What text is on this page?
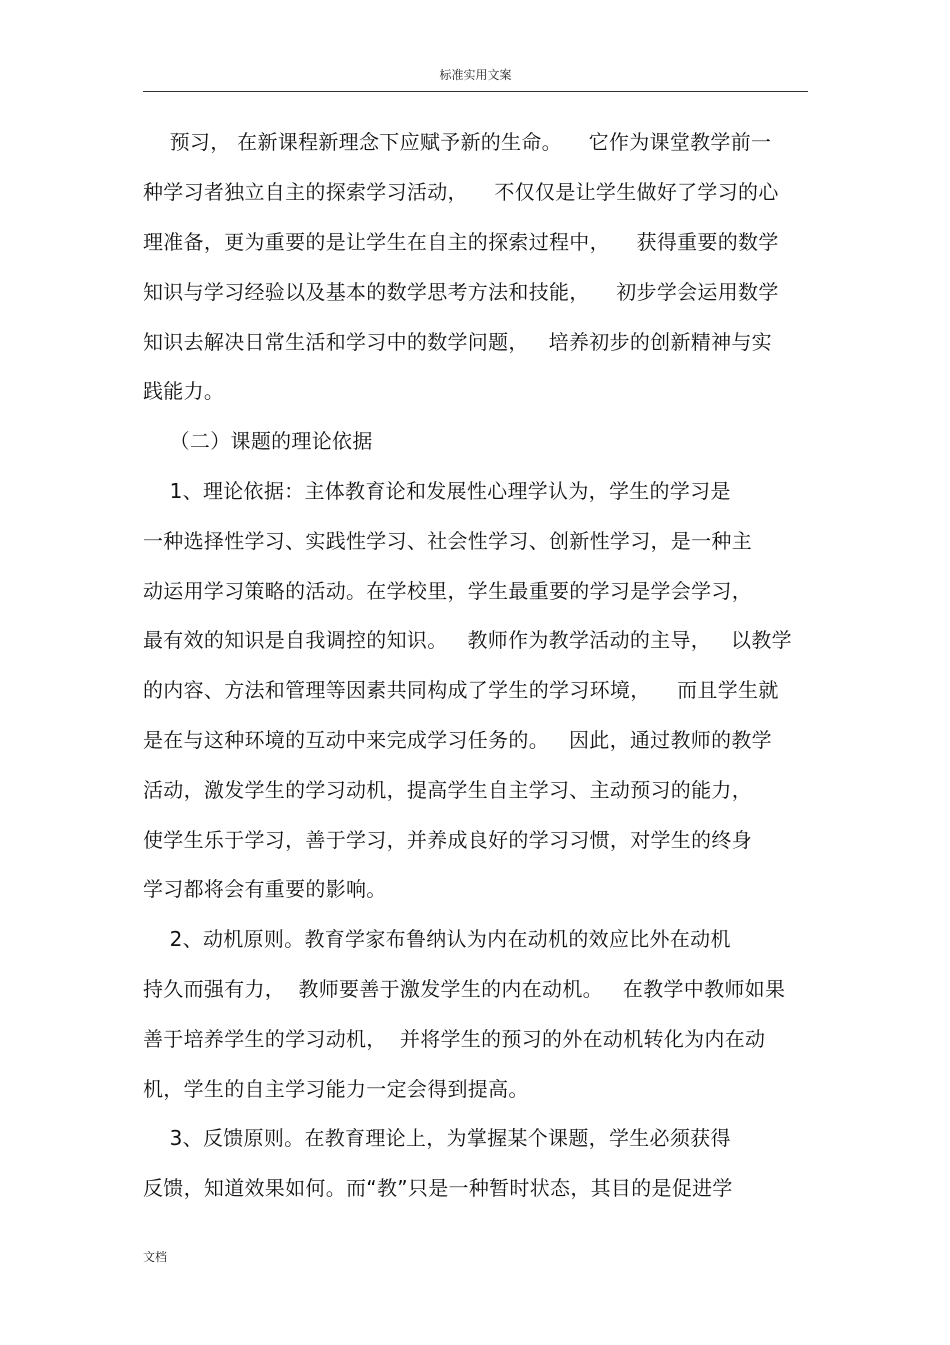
标准实用文案
预习， 在新课程新理念下应赋予新的生命。    它作为课堂教学前一
种学习者独立自主的探索学习活动，    不仅仅是让学生做好了学习的心
理准备，更为重要的是让学生在自主的探索过程中，    获得重要的数学
知识与学习经验以及基本的数学思考方法和技能，    初步学会运用数学
知识去解决日常生活和学习中的数学问题，   培养初步的创新精神与实
践能力。
（二）课题的理论依据
1、理论依据：主体教育论和发展性心理学认为，学生的学习是
一种选择性学习、实践性学习、社会性学习、创新性学习，是一种主
动运用学习策略的活动。在学校里，学生最重要的学习是学会学习，
最有效的知识是自我调控的知识。   教师作为教学活动的主导，   以教学
的内容、方法和管理等因素共同构成了学生的学习环境，    而且学生就
是在与这种环境的互动中来完成学习任务的。   因此，通过教师的教学
活动，激发学生的学习动机，提高学生自主学习、主动预习的能力，
使学生乐于学习，善于学习，并养成良好的学习习惯，对学生的终身
学习都将会有重要的影响。
2、动机原则。教育学家布鲁纳认为内在动机的效应比外在动机
持久而强有力，  教师要善于激发学生的内在动机。   在教学中教师如果
善于培养学生的学习动机，  并将学生的预习的外在动机转化为内在动
机，学生的自主学习能力一定会得到提高。
3、反馈原则。在教育理论上，为掌握某个课题，学生必须获得
反馈，知道效果如何。而“教”只是一种暂时状态，其目的是促进学
文档
